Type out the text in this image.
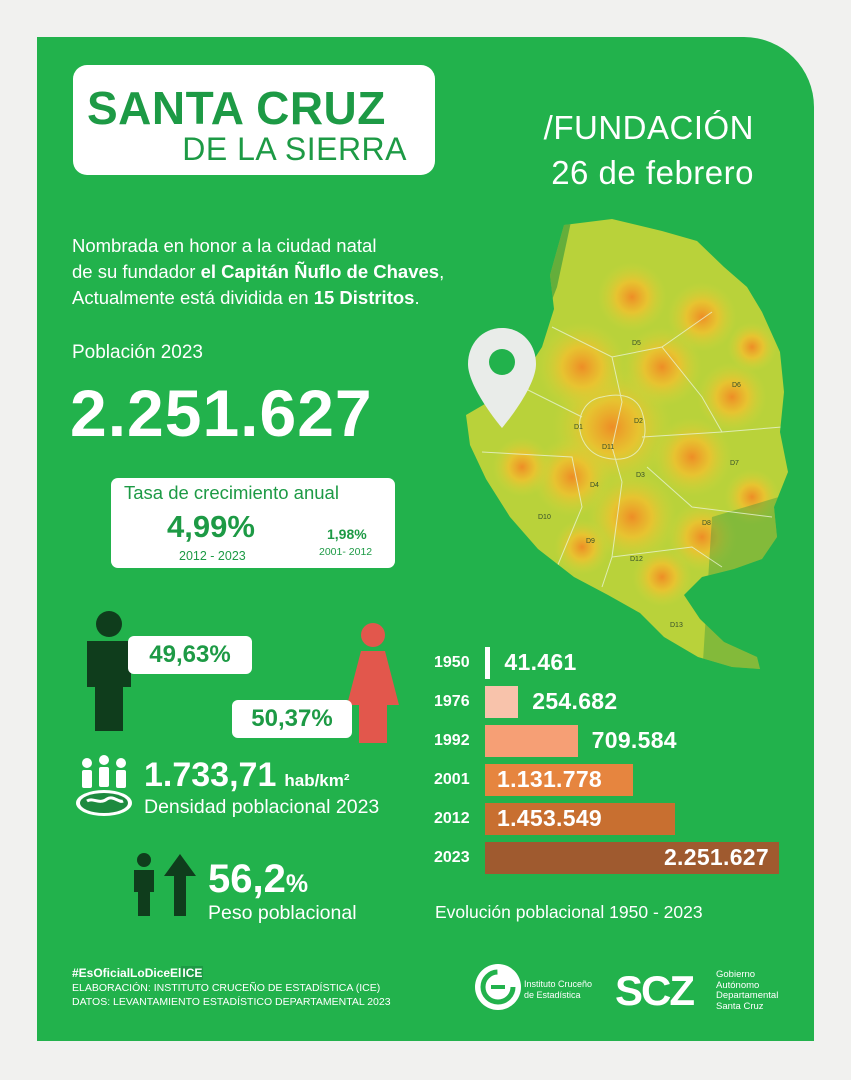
SANTA CRUZ
DE LA SIERRA
/FUNDACIÓN
26 de febrero
Nombrada en honor a la ciudad natal
de su fundador el Capitán Ñuflo de Chaves,
Actualmente está dividida en 15 Distritos.
Población 2023
2.251.627	D1
D2
D3
D4
D5
D6
D7
D8
D9
D10
D11
D12
D13
Tasa de crecimiento anual
4,99%
2012 - 2023
1,98%
2001- 2012
49,63%
50,37%
1.733,71 hab/km²
Densidad poblacional 2023
56,2%
Peso poblacional
1950 41.461
1976	254.682
1992	709.584
2001 1.131.778
2012 1.453.549
2023	2.251.627
Evolución poblacional 1950 - 2023
#EsOficialLoDiceElICE
ELABORACIÓN: INSTITUTO CRUCEÑO DE ESTADÍSTICA (ICE)
DATOS: LEVANTAMIENTO ESTADÍSTICO DEPARTAMENTAL 2023
Instituto Cruceño
de Estadística SCZ Gobierno
Autónomo
Departamental
Santa Cruz
